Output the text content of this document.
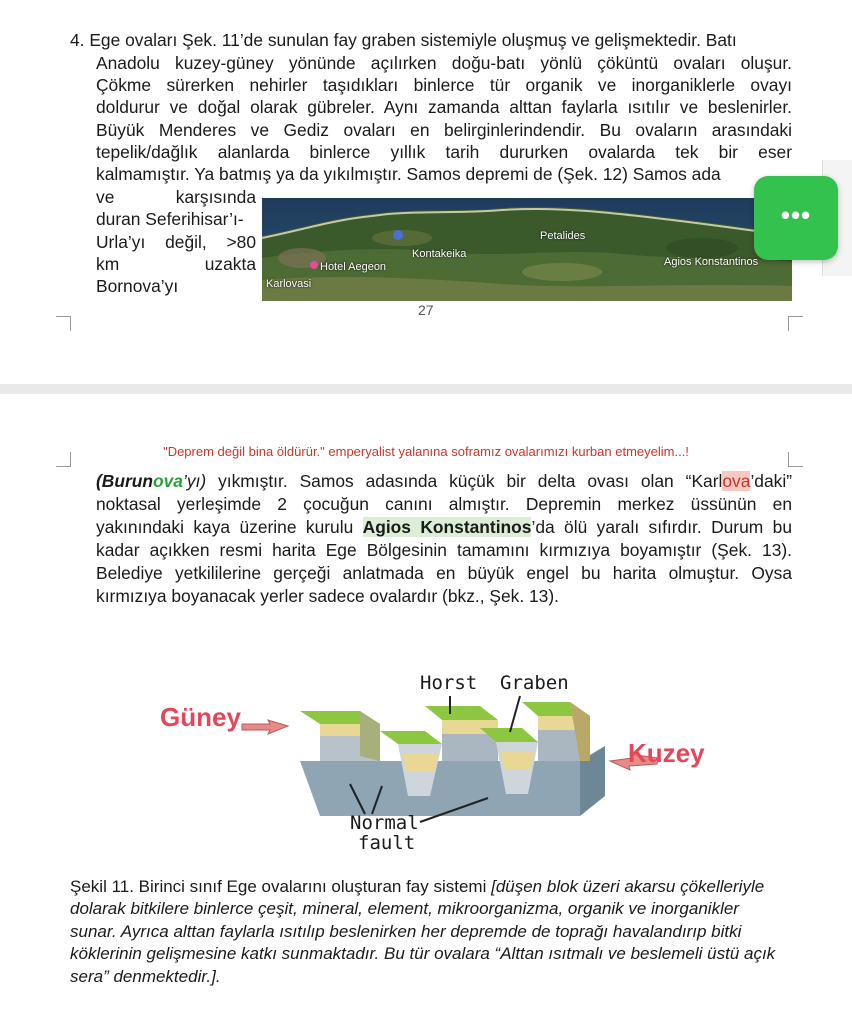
4. Ege ovaları Şek. 11’de sunulan fay graben sistemiyle oluşmuş ve gelişmektedir. Batı
Anadolu kuzey-güney yönünde açılırken doğu-batı yönlü çöküntü ovaları oluşur.
Çökme sürerken nehirler taşıdıkları binlerce tür organik ve inorganiklerle ovayı
doldurur ve doğal olarak gübreler. Aynı zamanda alttan faylarla ısıtılır ve beslenirler.
Büyük Menderes ve Gediz ovaları en belirginlerindendir. Bu ovaların arasındaki
tepelik/dağlık alanlarda binlerce yıllık tarih dururken ovalarda tek bir eser
kalmamıştır. Ya batmış ya da yıkılmıştır. Samos depremi de (Şek. 12) Samos ada
ve karşısında
duran Seferihisar’ı-
Urla’yı değil, >80
km uzakta
Bornova’yı
Petalides
Kontakeika
Hotel Aegeon
Karlovasi
Agios Konstantinos
•••
27
"Deprem değil bina öldürür." emperyalist yalanına soframız ovalarımızı kurban etmeyelim...!
(Burunova’yı) yıkmıştır. Samos adasında küçük bir delta ovası olan “Karlova’daki”
noktasal yerleşimde 2 çocuğun canını almıştır. Depremin merkez üssünün en
yakınındaki kaya üzerine kurulu Agios Konstantinos’da ölü yaralı sıfırdır. Durum bu
kadar açıkken resmi harita Ege Bölgesinin tamamını kırmızıya boyamıştır (Şek. 13).
Belediye yetkililerine gerçeği anlatmada en büyük engel bu harita olmuştur. Oysa
kırmızıya boyanacak yerler sadece ovalardır (bkz., Şek. 13).
Horst Graben
Güney
Kuzey
Normal
fault
Şekil 11. Birinci sınıf Ege ovalarını oluşturan fay sistemi [düşen blok üzeri akarsu çökelleriyle dolarak bitkilere binlerce çeşit, mineral, element, mikroorganizma, organik ve inorganikler sunar. Ayrıca alttan faylarla ısıtılıp beslenirken her depremde de toprağı havalandırıp bitki köklerinin gelişmesine katkı sunmaktadır. Bu tür ovalara “Alttan ısıtmalı ve beslemeli üstü açık sera” denmektedir.].
